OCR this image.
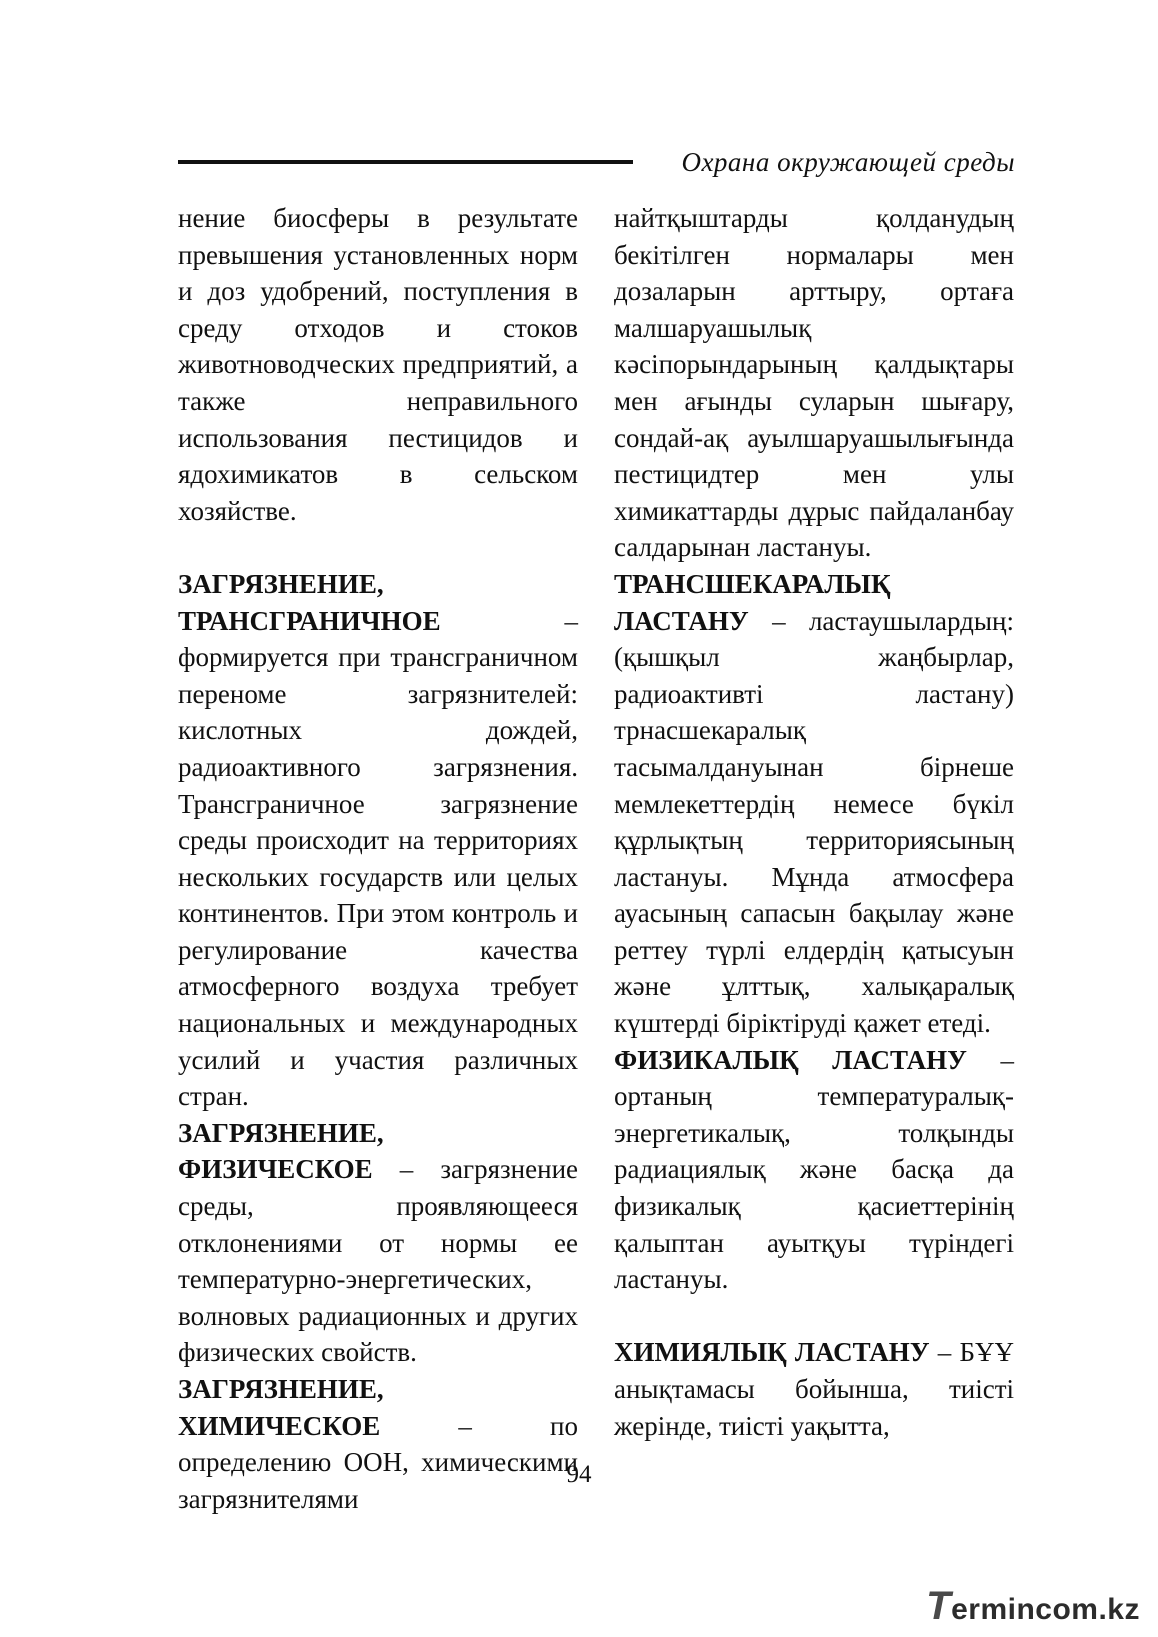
Охрана окружающей среды

нение биосферы в результате превышения установленных норм и доз удобрений, поступления в среду отходов и стоков животноводческих предприятий, а также неправильного использования пестицидов и ядохимикатов в сельском хозяйстве.

ЗАГРЯЗНЕНИЕ, ТРАНСГРАНИЧНОЕ – формируется при трансграничном переноме загрязнителей: кислотных дождей, радиоактивного загрязнения. Трансграничное загрязнение среды происходит на территориях нескольких государств или целых континентов. При этом контроль и регулирование качества атмосферного воздуха требует национальных и международных усилий и участия различных стран.

ЗАГРЯЗНЕНИЕ, ФИЗИЧЕСКОЕ – загрязнение среды, проявляющееся отклонениями от нормы ее температурно-энергетических, волновых радиационных и других физических свойств.

ЗАГРЯЗНЕНИЕ, ХИМИЧЕСКОЕ – по определению ООН, химическими загрязнителями

найтқыштарды қолданудың бекітілген нормалары мен дозаларын арттыру, ортаға малшаруашылық кәсіпорындарының қалдықтары мен ағынды суларын шығару, сондай-ақ ауылшаруашылығында пестицидтер мен улы химикаттарды дұрыс пайдаланбау салдарынан ластануы.

ТРАНСШЕКАРАЛЫҚ ЛАСТАНУ – ластаушылардың: (қышқыл жаңбырлар, радиоактивті ластану) трнасшекаралық тасымалдануынан бірнеше мемлекеттердің немесе бүкіл құрлықтың территориясының ластануы. Мұнда атмосфера ауасының сапасын бақылау және реттеу түрлі елдердің қатысуын және ұлттық, халықаралық күштерді біріктіруді қажет етеді.

ФИЗИКАЛЫҚ ЛАСТАНУ – ортаның температуралық-энергетикалық, толқынды радиациялық және басқа да физикалық қасиеттерінің қалыптан ауытқуы түріндегі ластануы.

ХИМИЯЛЫҚ ЛАСТАНУ – БҰҰ анықтамасы бойынша, тиісті жерінде, тиісті уақытта,

94
Termincom.kz
